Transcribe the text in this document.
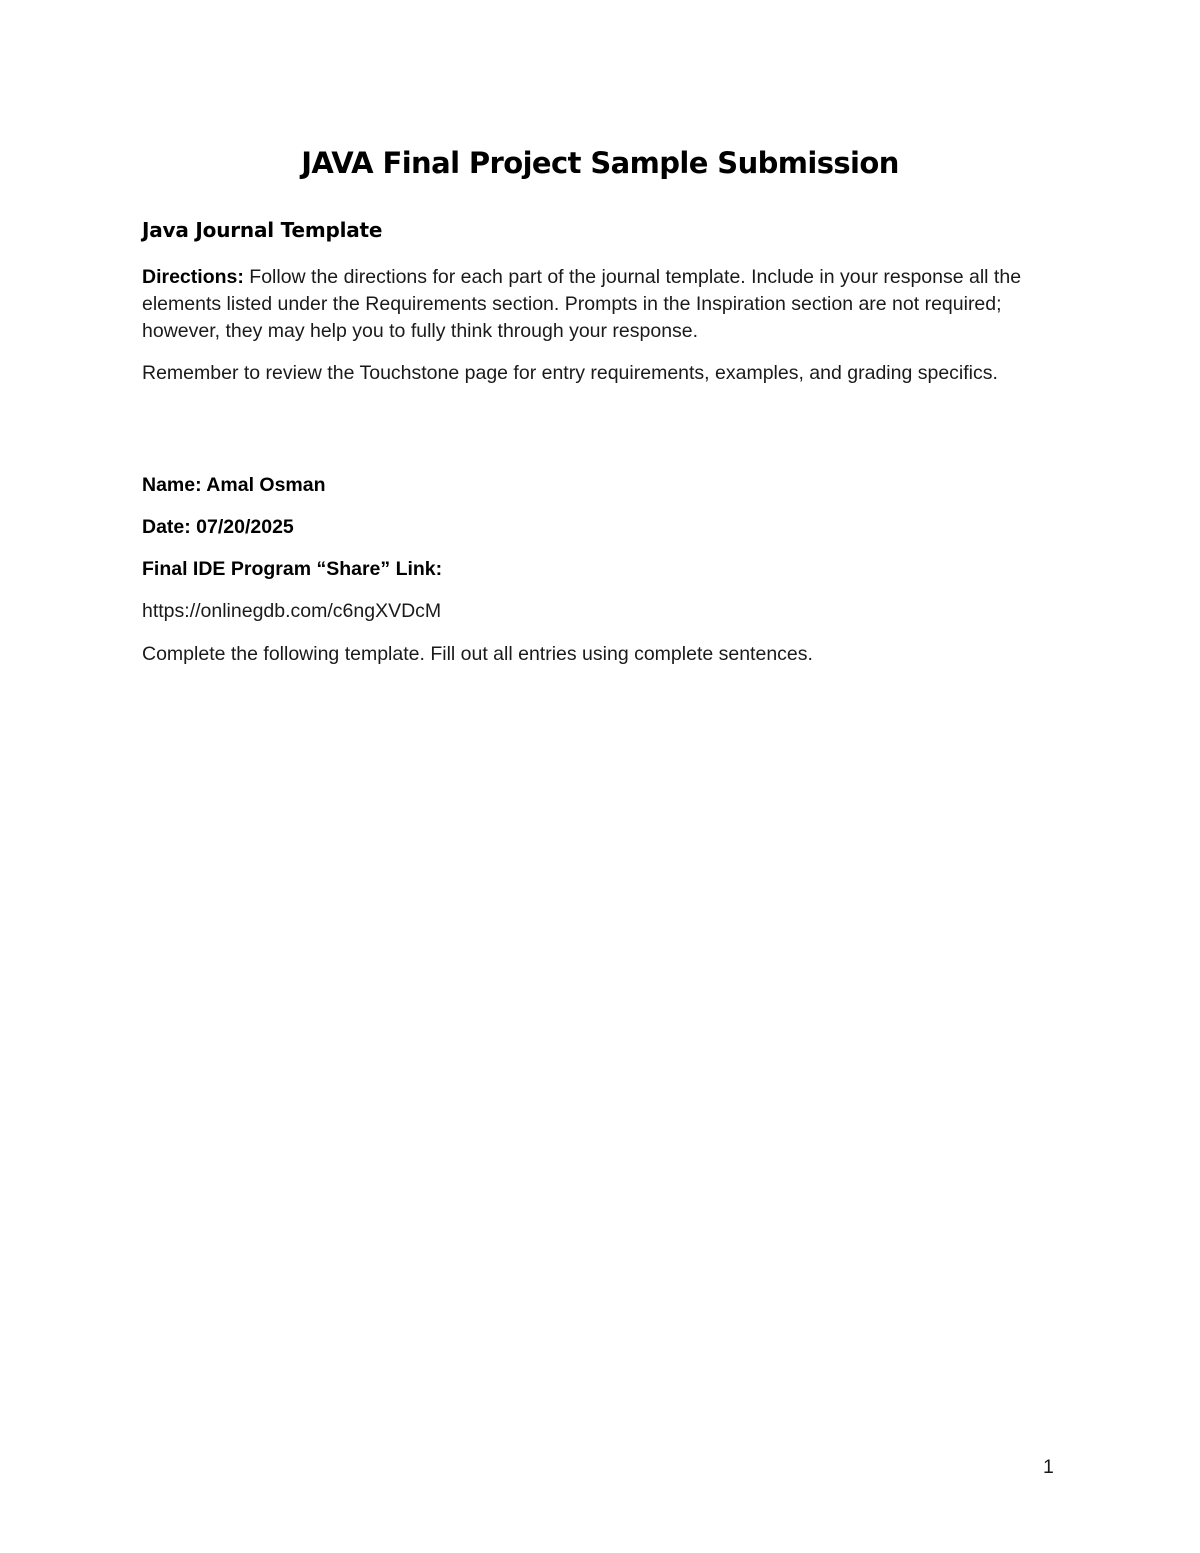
JAVA Final Project Sample Submission
Java Journal Template

Directions: Follow the directions for each part of the journal template. Include in your response all the elements listed under the Requirements section. Prompts in the Inspiration section are not required; however, they may help you to fully think through your response.

Remember to review the Touchstone page for entry requirements, examples, and grading specifics.

Name: Amal Osman

Date: 07/20/2025

Final IDE Program “Share” Link:

https://onlinegdb.com/c6ngXVDcM

Complete the following template. Fill out all entries using complete sentences.

1
